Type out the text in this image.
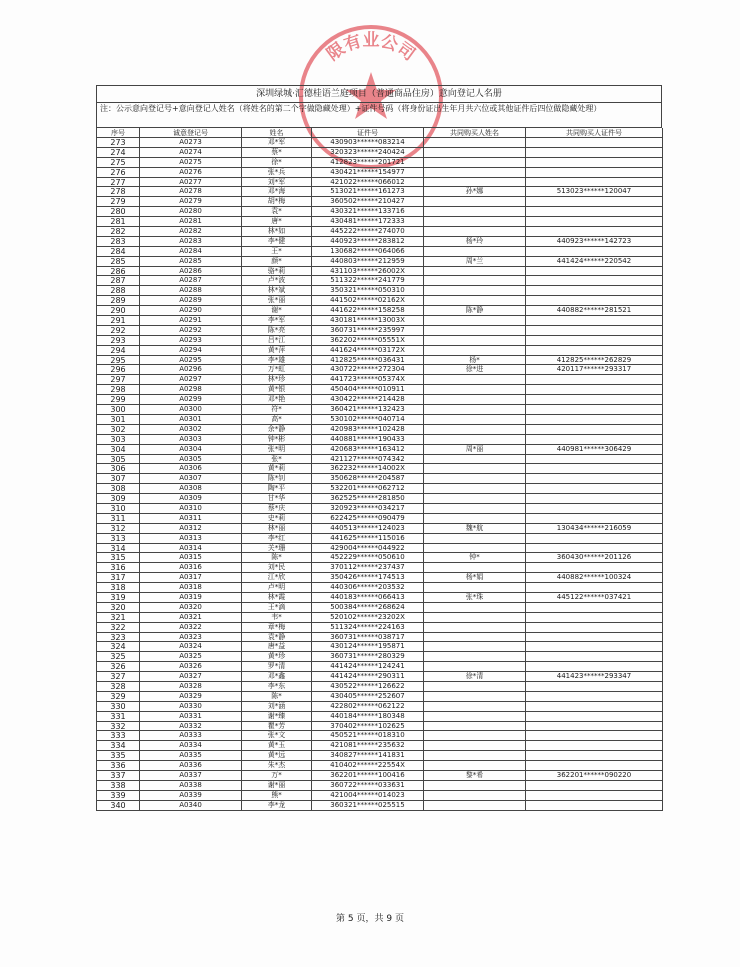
限有业公司
深圳绿城·汇德桂语兰庭项目（普通商品住房）意向登记人名册
注：公示意向登记号+意向登记人姓名（将姓名的第二个字做隐藏处理）+证件号码（将身份证出生年月共六位或其他证件后四位做隐藏处理）
序号	诚意登记号	姓名	证件号	共同购买人姓名	共同购买人证件号
273	A0273	邓*军	430903******083214
274	A0274	蔡*	320323******240424
275	A0275	徐*	412823******201721
276	A0276	张*兵	430421******154977
277	A0277	刘*军	421022******066012
278	A0278	邓*海	513021******161273	孙*娜	513023******120047
279	A0279	胡*梅	360502******210427
280	A0280	袁*	430321******133716
281	A0281	唐*	430481******172333
282	A0282	林*如	445222******274070
283	A0283	李*健	440923******283812	杨*玲	440923******142723
284	A0284	王*	130682******064066
285	A0285	颜*	440803******212959	周*兰	441424******220542
286	A0286	骆*莉	431103******26002X
287	A0287	卢*波	511322******241779
288	A0288	林*斌	350321******050310
289	A0289	张*丽	441502******02162X
290	A0290	谢*	441622******158258	陈*静	440882******281521
291	A0291	李*军	430181******13003X
292	A0292	陈*亮	360731******235997
293	A0293	吕*江	362202******05551X
294	A0294	黄*萍	441624******03172X
295	A0295	李*雄	412825******036431	杨*	412825******262829
296	A0296	万*虹	430722******272304	徐*进	420117******293317
297	A0297	林*珍	441723******05374X
298	A0298	黄*银	450404******010911
299	A0299	邓*艳	430422******214428
300	A0300	符*	360421******132423
301	A0301	高*	530102******040714
302	A0302	余*静	420983******102428
303	A0303	钟*彬	440881******190433
304	A0304	张*明	420683******163412	周*丽	440981******306429
305	A0305	张*	421127******074342
306	A0306	黄*莉	362232******14002X
307	A0307	陈*钊	350628******204587
308	A0308	陶*平	532201******062712
309	A0309	甘*华	362525******281850
310	A0310	蔡*庆	320923******034217
311	A0311	史*莉	622425******090479
312	A0312	林*丽	440513******124023	魏*航	130434******216059
313	A0313	李*红	441625******115016
314	A0314	关*珊	429004******044922
315	A0315	陈*	452229******050610	钟*	360430******201126
316	A0316	刘*民	370112******237437
317	A0317	江*欣	350426******174513	杨*娟	440882******100324
318	A0318	卢*明	440306******203532
319	A0319	林*霞	440183******066413	张*珠	445122******037421
320	A0320	王*滴	500384******268624
321	A0321	韦*	520102******23202X
322	A0322	章*梅	511324******224163
323	A0323	袁*静	360731******038717
324	A0324	唐*益	430124******195871
325	A0325	黄*珍	360731******280329
326	A0326	罗*清	441424******124241
327	A0327	邓*鑫	441424******290311	徐*清	441423******293347
328	A0328	李*东	430522******126622
329	A0329	陈*	430405******252607
330	A0330	刘*涵	422802******062122
331	A0331	谢*臻	440184******180348
332	A0332	瞿*芳	370402******102625
333	A0333	张*文	450521******018310
334	A0334	黄*玉	421081******235632
335	A0335	黄*远	340827******141831
336	A0336	朱*杰	410402******22554X
337	A0337	万*	362201******100416	黎*希	362201******090220
338	A0338	谢*丽	360722******033631
339	A0339	熊*	421004******014023
340	A0340	李*龙	360321******025515
第 5 页，共 9 页
